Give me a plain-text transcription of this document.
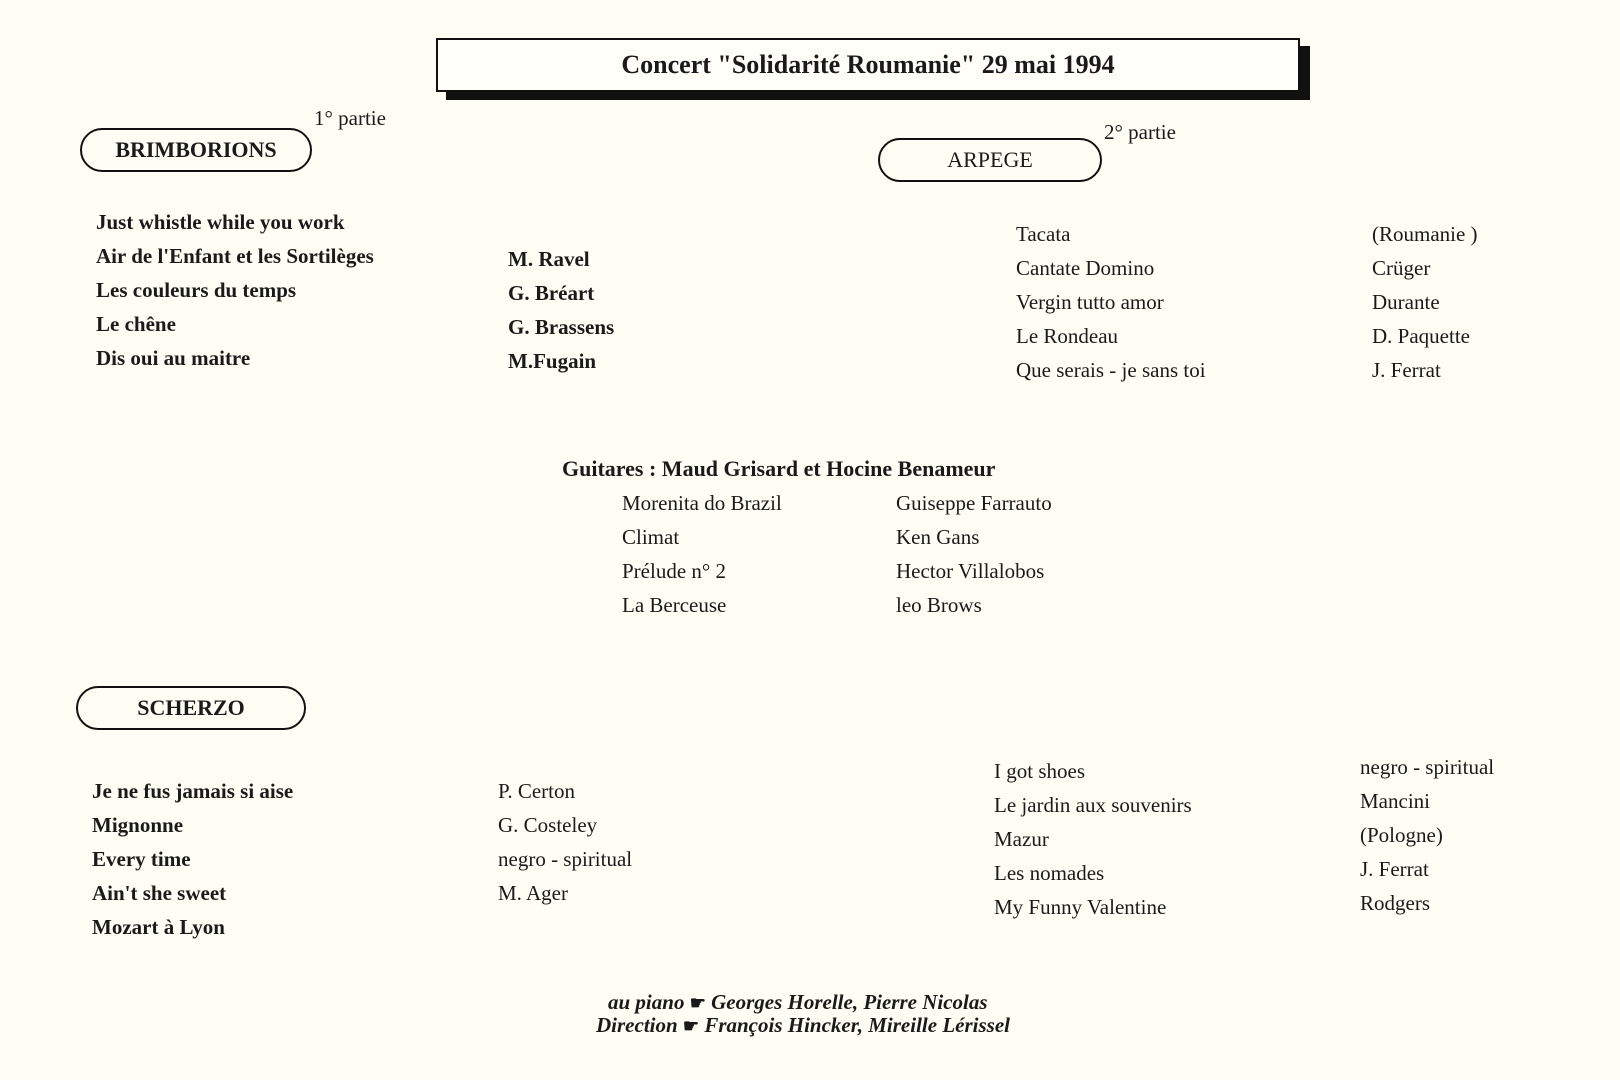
Concert "Solidarité Roumanie" 29 mai 1994
1° partie
2° partie
BRIMBORIONS	ARPEGE
SCHERZO
Just whistle while you work
Air de l'Enfant et les Sortilèges
Les couleurs du temps
Le chêne
Dis oui au maitre
M. Ravel
G. Bréart
G. Brassens
M.Fugain
Tacata
Cantate Domino
Vergin tutto amor
Le Rondeau
Que serais - je sans toi
(Roumanie )
Crüger
Durante
D. Paquette
J. Ferrat
Guitares : Maud Grisard et Hocine Benameur
Morenita do Brazil
Climat
Prélude n° 2
La Berceuse
Guiseppe Farrauto
Ken Gans
Hector Villalobos
leo Brows
Je ne fus jamais si aise
Mignonne
Every time
Ain't she sweet
Mozart à Lyon
P. Certon
G. Costeley
negro - spiritual
M. Ager
I got shoes
Le jardin aux souvenirs
Mazur
Les nomades
My Funny Valentine
negro - spiritual
Mancini
(Pologne)
J. Ferrat
Rodgers
au piano ☛ Georges Horelle, Pierre Nicolas
Direction ☛ François Hincker, Mireille Lérissel
